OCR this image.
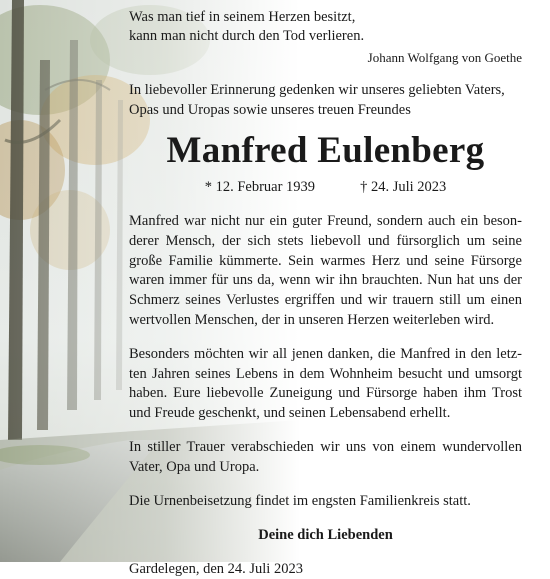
Was man tief in seinem Herzen besitzt,
kann man nicht durch den Tod verlieren.

Johann Wolfgang von Goethe
In liebevoller Erinnerung gedenken wir unseres geliebten Vaters,
Opas und Uropas sowie unseres treuen Freundes
Manfred Eulenberg
* 12. Februar 1939	† 24. Juli 2023
Manfred war nicht nur ein guter Freund, sondern auch ein beson-
derer Mensch, der sich stets liebevoll und fürsorglich um seine
große Familie kümmerte. Sein warmes Herz und seine Fürsorge
waren immer für uns da, wenn wir ihn brauchten. Nun hat uns der
Schmerz seines Verlustes ergriffen und wir trauern still um einen
wertvollen Menschen, der in unseren Herzen weiterleben wird.
Besonders möchten wir all jenen danken, die Manfred in den letz-
ten Jahren seines Lebens in dem Wohnheim besucht und umsorgt
haben. Eure liebevolle Zuneigung und Fürsorge haben ihm Trost
und Freude geschenkt, und seinen Lebensabend erhellt.
In stiller Trauer verabschieden wir uns von einem wundervollen
Vater, Opa und Uropa.
Die Urnenbeisetzung findet im engsten Familienkreis statt.
Deine dich Liebenden
Gardelegen, den 24. Juli 2023
